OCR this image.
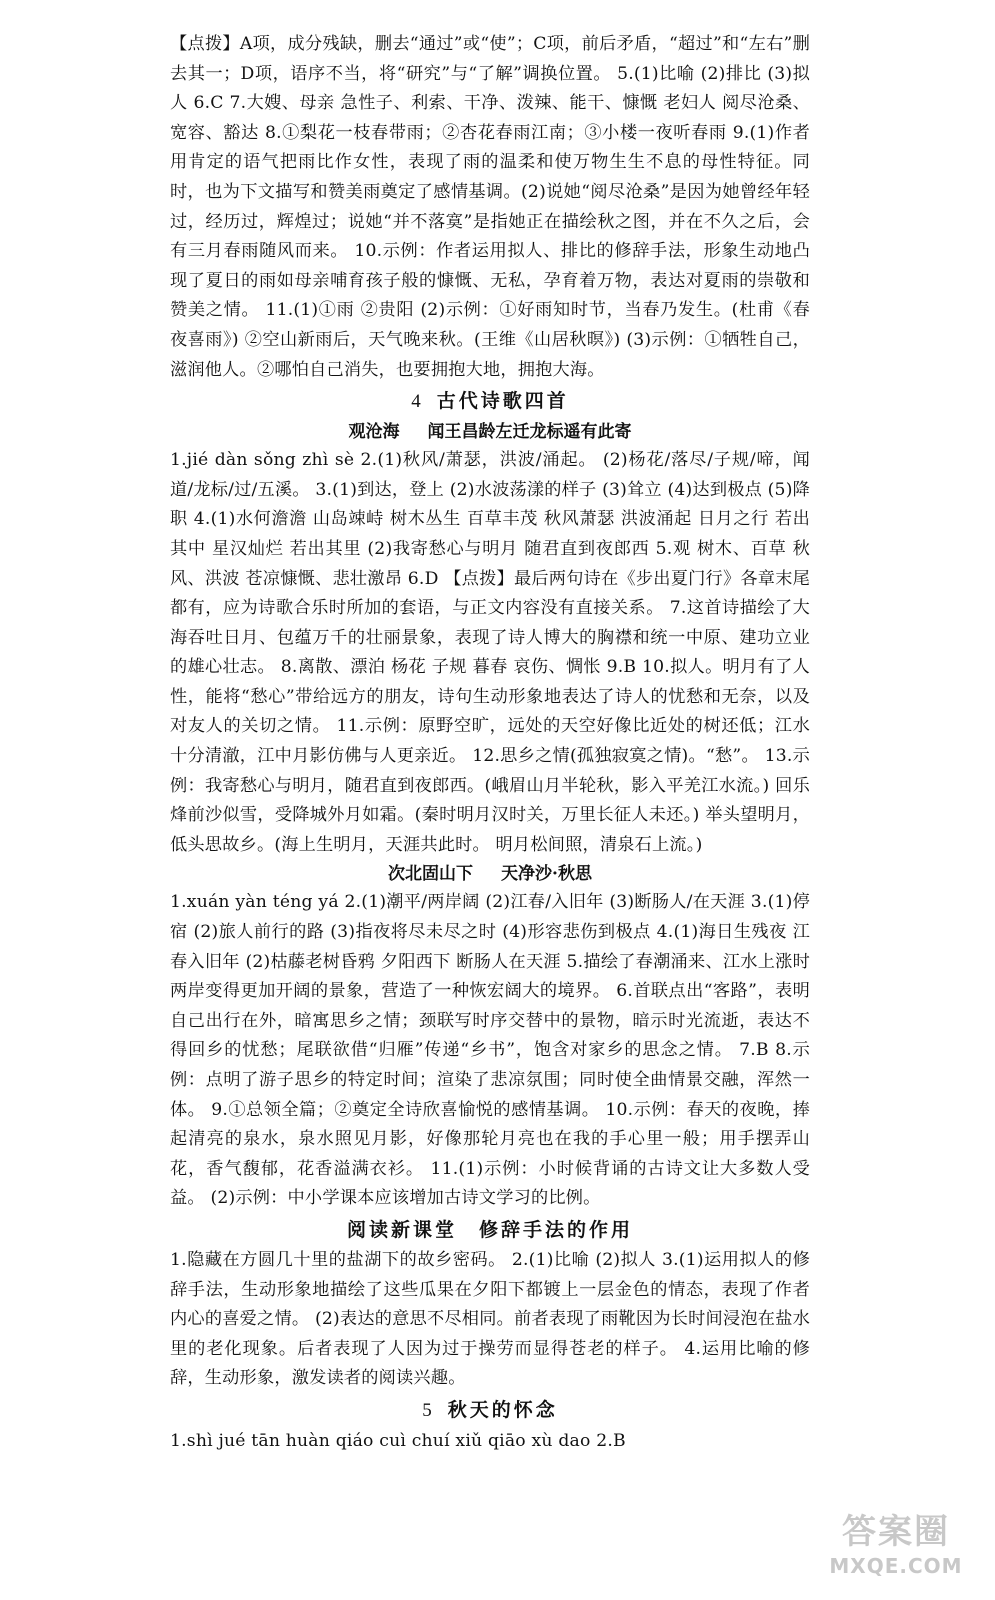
【点拨】A项，成分残缺，删去“通过”或“使”；C项，前后矛盾，“超过”和“左右”删去其一；D项，语序不当，将“研究”与“了解”调换位置。 5.(1)比喻 (2)排比 (3)拟人 6.C 7.大嫂、母亲 急性子、利索、干净、泼辣、能干、慷慨 老妇人 阅尽沧桑、宽容、豁达 8.①梨花一枝春带雨；②杏花春雨江南；③小楼一夜听春雨 9.(1)作者用肯定的语气把雨比作女性，表现了雨的温柔和使万物生生不息的母性特征。同时，也为下文描写和赞美雨奠定了感情基调。(2)说她“阅尽沧桑”是因为她曾经年轻过，经历过，辉煌过；说她“并不落寞”是指她正在描绘秋之图，并在不久之后，会有三月春雨随风而来。 10.示例：作者运用拟人、排比的修辞手法，形象生动地凸现了夏日的雨如母亲哺育孩子般的慷慨、无私，孕育着万物，表达对夏雨的崇敬和赞美之情。 11.(1)①雨 ②贵阳 (2)示例：①好雨知时节，当春乃发生。(杜甫《春夜喜雨》) ②空山新雨后，天气晚来秋。(王维《山居秋暝》) (3)示例：①牺牲自己，滋润他人。②哪怕自己消失，也要拥抱大地，拥抱大海。

4 古代诗歌四首
观沧海 闻王昌龄左迁龙标遥有此寄

1.jié dàn sǒng zhì sè 2.(1)秋风/萧瑟，洪波/涌起。 (2)杨花/落尽/子规/啼，闻道/龙标/过/五溪。 3.(1)到达，登上 (2)水波荡漾的样子 (3)耸立 (4)达到极点 (5)降职 4.(1)水何澹澹 山岛竦峙 树木丛生 百草丰茂 秋风萧瑟 洪波涌起 日月之行 若出其中 星汉灿烂 若出其里 (2)我寄愁心与明月 随君直到夜郎西 5.观 树木、百草 秋风、洪波 苍凉慷慨、悲壮激昂 6.D 【点拨】最后两句诗在《步出夏门行》各章末尾都有，应为诗歌合乐时所加的套语，与正文内容没有直接关系。 7.这首诗描绘了大海吞吐日月、包蕴万千的壮丽景象，表现了诗人博大的胸襟和统一中原、建功立业的雄心壮志。 8.离散、漂泊 杨花 子规 暮春 哀伤、惆怅 9.B 10.拟人。明月有了人性，能将“愁心”带给远方的朋友，诗句生动形象地表达了诗人的忧愁和无奈，以及对友人的关切之情。 11.示例：原野空旷，远处的天空好像比近处的树还低；江水十分清澈，江中月影仿佛与人更亲近。 12.思乡之情(孤独寂寞之情)。“愁”。 13.示例：我寄愁心与明月，随君直到夜郎西。(峨眉山月半轮秋，影入平羌江水流。) 回乐烽前沙似雪，受降城外月如霜。(秦时明月汉时关，万里长征人未还。) 举头望明月，低头思故乡。(海上生明月，天涯共此时。 明月松间照，清泉石上流。)

次北固山下 天净沙·秋思

1.xuán yàn téng yá 2.(1)潮平/两岸阔 (2)江春/入旧年 (3)断肠人/在天涯 3.(1)停宿 (2)旅人前行的路 (3)指夜将尽未尽之时 (4)形容悲伤到极点 4.(1)海日生残夜 江春入旧年 (2)枯藤老树昏鸦 夕阳西下 断肠人在天涯 5.描绘了春潮涌来、江水上涨时两岸变得更加开阔的景象，营造了一种恢宏阔大的境界。 6.首联点出“客路”，表明自己出行在外，暗寓思乡之情；颈联写时序交替中的景物，暗示时光流逝，表达不得回乡的忧愁；尾联欲借“归雁”传递“乡书”，饱含对家乡的思念之情。 7.B 8.示例：点明了游子思乡的特定时间；渲染了悲凉氛围；同时使全曲情景交融，浑然一体。 9.①总领全篇；②奠定全诗欣喜愉悦的感情基调。 10.示例：春天的夜晚，捧起清亮的泉水，泉水照见月影，好像那轮月亮也在我的手心里一般；用手摆弄山花，香气馥郁，花香溢满衣衫。 11.(1)示例：小时候背诵的古诗文让大多数人受益。 (2)示例：中小学课本应该增加古诗文学习的比例。

阅读新课堂　修辞手法的作用

1.隐藏在方圆几十里的盐湖下的故乡密码。 2.(1)比喻 (2)拟人 3.(1)运用拟人的修辞手法，生动形象地描绘了这些瓜果在夕阳下都镀上一层金色的情态，表现了作者内心的喜爱之情。 (2)表达的意思不尽相同。前者表现了雨靴因为长时间浸泡在盐水里的老化现象。后者表现了人因为过于操劳而显得苍老的样子。 4.运用比喻的修辞，生动形象，激发读者的阅读兴趣。

5 秋天的怀念

1.shì jué tān huàn qiáo cuì chuí xiǔ qiāo xù dao 2.B

答案圈
MXQE.COM
